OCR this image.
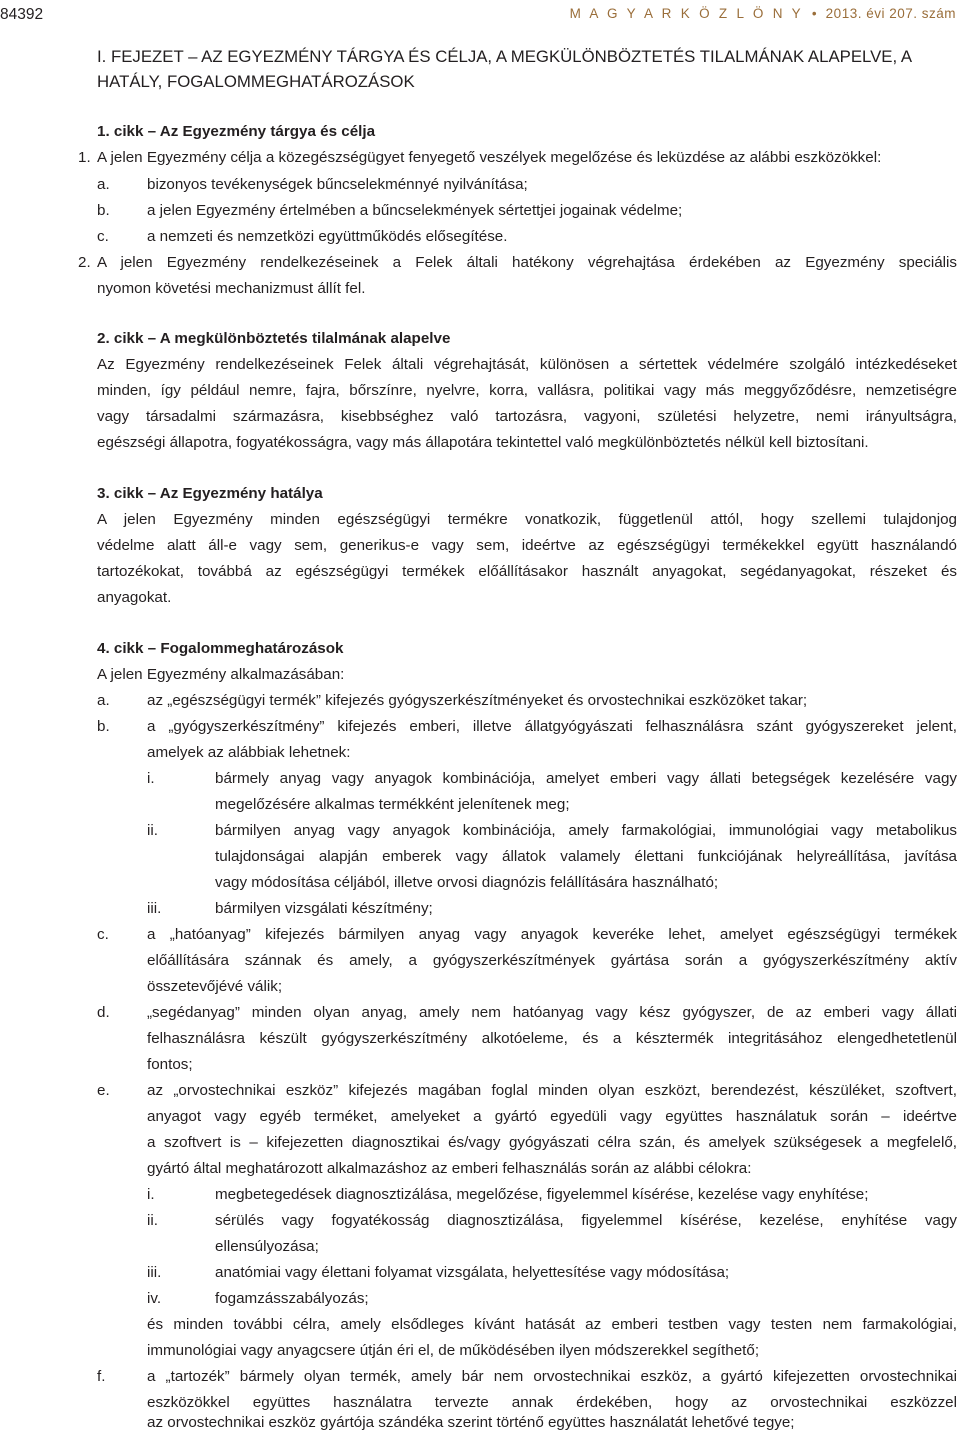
84392	M A G Y A R K Ö Z L Ö N Y  •  2013. évi 207. szám
I. FEJEZET – AZ EGYEZMÉNY TÁRGYA ÉS CÉLJA, A MEGKÜLÖNBÖZTETÉS TILALMÁNAK ALAPELVE, A HATÁLY, FOGALOMMEGHATÁROZÁSOK
1. cikk – Az Egyezmény tárgya és célja
1. A jelen Egyezmény célja a közegészségügyet fenyegető veszélyek megelőzése és leküzdése az alábbi eszközökkel:
a. bizonyos tevékenységek bűncselekménnyé nyilvánítása;
b. a jelen Egyezmény értelmében a bűncselekmények sértettjei jogainak védelme;
c.	a nemzeti és nemzetközi együttműködés elősegítése.
2. A jelen Egyezmény rendelkezéseinek a Felek általi hatékony végrehajtása érdekében az Egyezmény speciális
nyomon követési mechanizmust állít fel.
2. cikk – A megkülönböztetés tilalmának alapelve
Az Egyezmény rendelkezéseinek Felek általi végrehajtását, különösen a sértettek védelmére szolgáló intézkedéseket
minden, így például nemre, fajra, bőrszínre, nyelvre, korra, vallásra, politikai vagy más meggyőződésre, nemzetiségre
vagy társadalmi származásra, kisebbséghez való tartozásra, vagyoni, születési helyzetre, nemi irányultságra,
egészségi állapotra, fogyatékosságra, vagy más állapotára tekintettel való megkülönböztetés nélkül kell biztosítani.
3. cikk – Az Egyezmény hatálya
A jelen Egyezmény minden egészségügyi termékre vonatkozik, függetlenül attól, hogy szellemi tulajdonjog
védelme alatt áll-e vagy sem, generikus-e vagy sem, ideértve az egészségügyi termékekkel együtt használandó
tartozékokat, továbbá az egészségügyi termékek előállításakor használt anyagokat, segédanyagokat, részeket és
anyagokat.
4. cikk – Fogalommeghatározások
A jelen Egyezmény alkalmazásában:
a. az „egészségügyi termék” kifejezés gyógyszerkészítményeket és orvostechnikai eszközöket takar;
b. a „gyógyszerkészítmény” kifejezés emberi, illetve állatgyógyászati felhasználásra szánt gyógyszereket jelent,
amelyek az alábbiak lehetnek:
i.	bármely anyag vagy anyagok kombinációja, amelyet emberi vagy állati betegségek kezelésére vagy
megelőzésére alkalmas termékként jelenítenek meg;
ii.	bármilyen anyag vagy anyagok kombinációja, amely farmakológiai, immunológiai vagy metabolikus
tulajdonságai alapján emberek vagy állatok valamely élettani funkciójának helyreállítása, javítása
vagy módosítása céljából, illetve orvosi diagnózis felállítására használható;
iii.	bármilyen vizsgálati készítmény;
c.	a „hatóanyag” kifejezés bármilyen anyag vagy anyagok keveréke lehet, amelyet egészségügyi termékek
előállítására szánnak és amely, a gyógyszerkészítmények gyártása során a gyógyszerkészítmény aktív
összetevőjévé válik;
d. „segédanyag” minden olyan anyag, amely nem hatóanyag vagy kész gyógyszer, de az emberi vagy állati
felhasználásra készült gyógyszerkészítmény alkotóeleme, és a késztermék integritásához elengedhetetlenül
fontos;
e. az „orvostechnikai eszköz” kifejezés magában foglal minden olyan eszközt, berendezést, készüléket, szoftvert,
anyagot vagy egyéb terméket, amelyeket a gyártó egyedüli vagy együttes használatuk során – ideértve
a szoftvert is – kifejezetten diagnosztikai és/vagy gyógyászati célra szán, és amelyek szükségesek a megfelelő,
gyártó által meghatározott alkalmazáshoz az emberi felhasználás során az alábbi célokra:
i.	megbetegedések diagnosztizálása, megelőzése, figyelemmel kísérése, kezelése vagy enyhítése;
ii.	sérülés vagy fogyatékosság diagnosztizálása, figyelemmel kísérése, kezelése, enyhítése vagy
ellensúlyozása;
iii.	anatómiai vagy élettani folyamat vizsgálata, helyettesítése vagy módosítása;
iv.	fogamzásszabályozás;
és minden további célra, amely elsődleges kívánt hatását az emberi testben vagy testen nem farmakológiai,
immunológiai vagy anyagcsere útján éri el, de működésében ilyen módszerekkel segíthető;
f.	a „tartozék” bármely olyan termék, amely bár nem orvostechnikai eszköz, a gyártó kifejezetten orvostechnikai
eszközökkel együttes használatra tervezte annak érdekében, hogy az orvostechnikai eszközzel
az orvostechnikai eszköz gyártója szándéka szerint történő együttes használatát lehetővé tegye;
